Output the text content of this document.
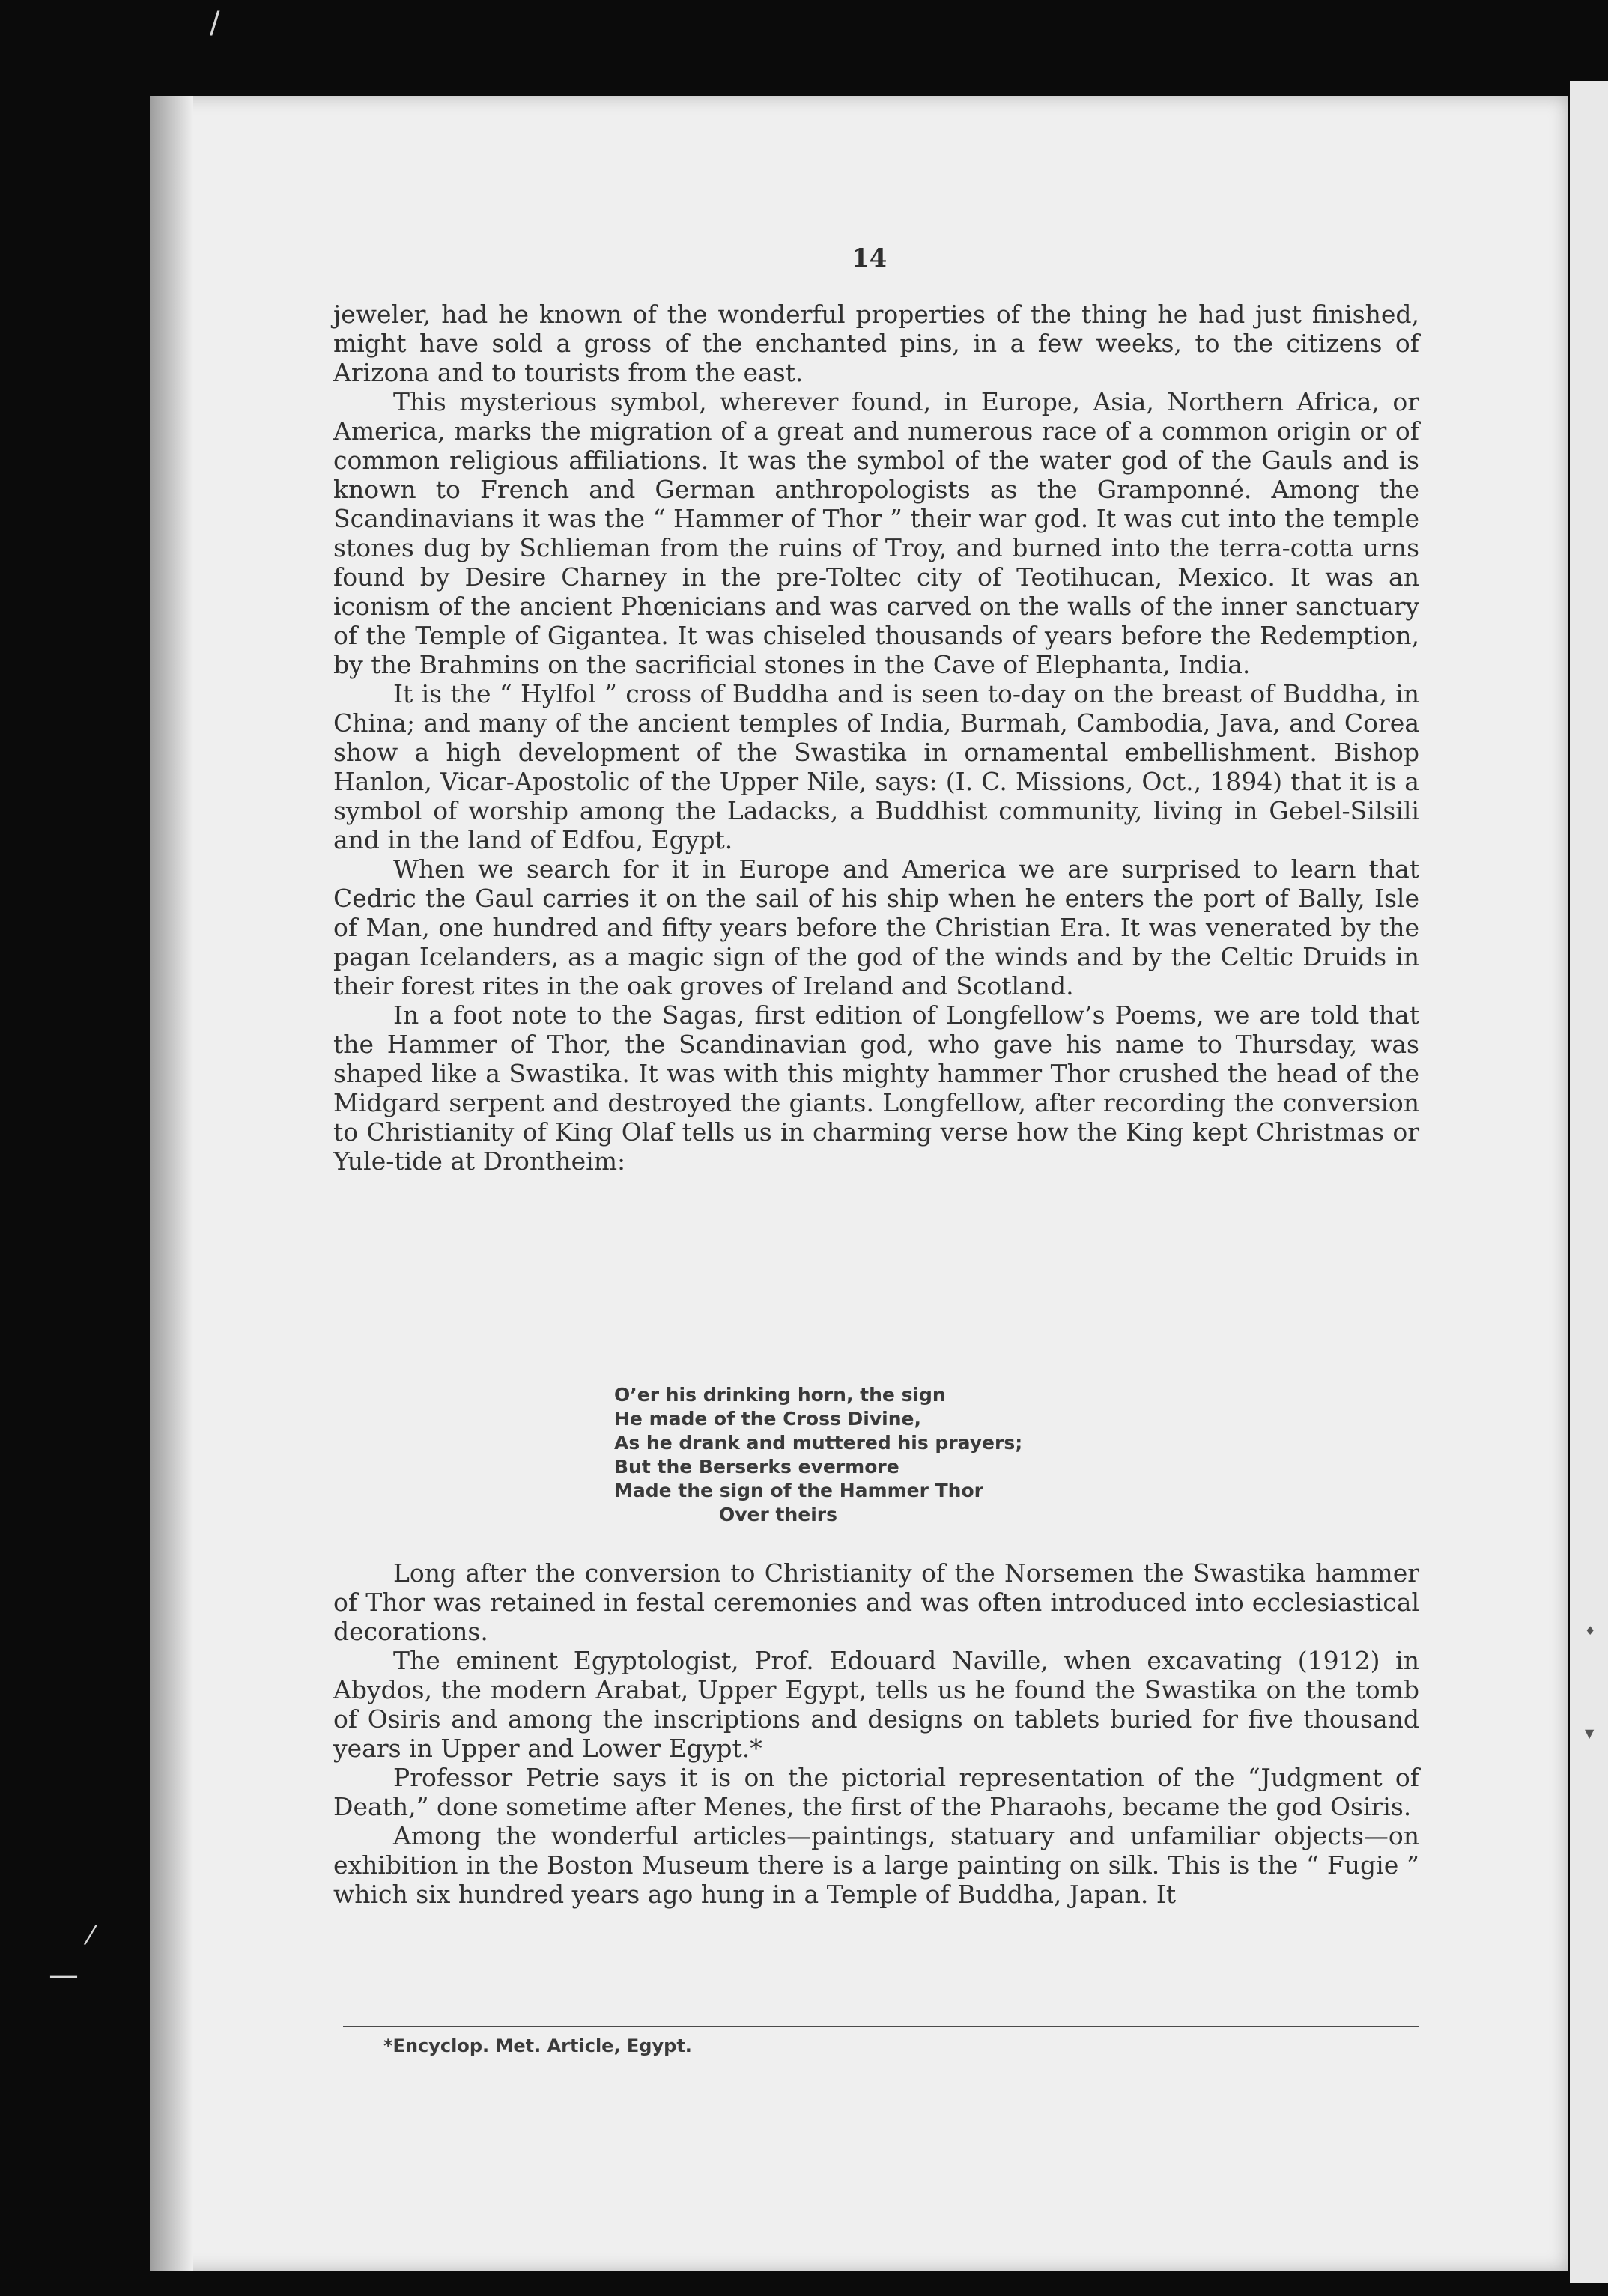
/
⁄
—
♦
▼
14

jeweler, had he known of the wonderful properties of the thing he had just finished, might have sold a gross of the enchanted pins, in a few weeks, to the citizens of Arizona and to tourists from the east.

This mysterious symbol, wherever found, in Europe, Asia, Northern Africa, or America, marks the migration of a great and numerous race of a common origin or of common religious affiliations. It was the symbol of the water god of the Gauls and is known to French and German anthropologists as the Gramponné. Among the Scandinavians it was the “ Hammer of Thor ” their war god. It was cut into the temple stones dug by Schlieman from the ruins of Troy, and burned into the terra-cotta urns found by Desire Charney in the pre-Toltec city of Teotihucan, Mexico. It was an iconism of the ancient Phœnicians and was carved on the walls of the inner sanctuary of the Temple of Gigantea. It was chiseled thousands of years before the Redemption, by the Brahmins on the sacrificial stones in the Cave of Elephanta, India.

It is the “ Hylfol ” cross of Buddha and is seen to-day on the breast of Buddha, in China; and many of the ancient temples of India, Burmah, Cambodia, Java, and Corea show a high development of the Swastika in ornamental embellishment. Bishop Hanlon, Vicar-Apostolic of the Upper Nile, says: (I. C. Missions, Oct., 1894) that it is a symbol of worship among the Ladacks, a Buddhist community, living in Gebel-Silsili and in the land of Edfou, Egypt.

When we search for it in Europe and America we are surprised to learn that Cedric the Gaul carries it on the sail of his ship when he enters the port of Bally, Isle of Man, one hundred and fifty years before the Christian Era. It was venerated by the pagan Icelanders, as a magic sign of the god of the winds and by the Celtic Druids in their forest rites in the oak groves of Ireland and Scotland.

In a foot note to the Sagas, first edition of Longfellow’s Poems, we are told that the Hammer of Thor, the Scandinavian god, who gave his name to Thursday, was shaped like a Swastika. It was with this mighty hammer Thor crushed the head of the Midgard serpent and destroyed the giants. Longfellow, after recording the conversion to Christianity of King Olaf tells us in charming verse how the King kept Christmas or Yule-tide at Drontheim:

O’er his drinking horn, the sign
He made of the Cross Divine,
As he drank and muttered his prayers;
But the Berserks evermore
Made the sign of the Hammer Thor
Over theirs

Long after the conversion to Christianity of the Norsemen the Swastika hammer of Thor was retained in festal ceremonies and was often introduced into ecclesiastical decorations.

The eminent Egyptologist, Prof. Edouard Naville, when excavating (1912) in Abydos, the modern Arabat, Upper Egypt, tells us he found the Swastika on the tomb of Osiris and among the inscriptions and designs on tablets buried for five thousand years in Upper and Lower Egypt.*

Professor Petrie says it is on the pictorial representation of the “Judgment of Death,” done sometime after Menes, the first of the Pharaohs, became the god Osiris.

Among the wonderful articles—paintings, statuary and unfamiliar objects—on exhibition in the Boston Museum there is a large painting on silk. This is the “ Fugie ” which six hundred years ago hung in a Temple of Buddha, Japan. It

*Encyclop. Met. Article, Egypt.
